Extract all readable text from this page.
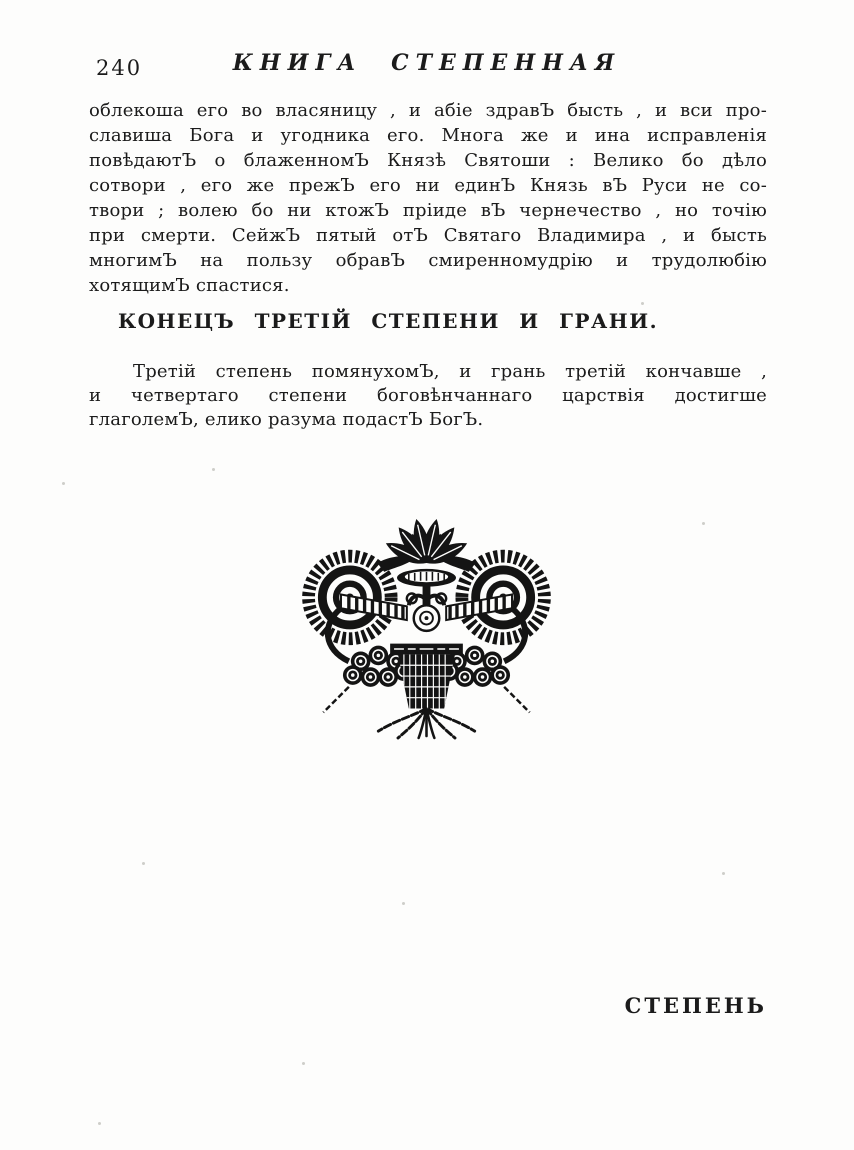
240	КНИГА СТЕПЕННАЯ
облекоша его во власяницу , и абіе здравЪ бысть , и вси про-
славиша Бога и угодника его. Многа же и ина исправленія
повѣдаютЪ о блаженномЪ Князѣ Святоши : Велико бо дѣло
сотвори , его же прежЪ его ни единЪ Князь вЪ Руси не со-
твори ; волею бо ни ктожЪ пріиде вЪ чернечество , но точію
при смерти. СейжЪ пятый отЪ Святаго Владимира , и бысть
многимЪ на пользу обравЪ смиренномудрію и трудолюбію
хотящимЪ спастися.
КОНЕЦЪ ТРЕТІЙ СТЕПЕНИ И ГРАНИ.
Третій степень помянухомЪ, и грань третій кончавше ,
и четвертаго степени боговѣнчаннаго царствія достигше
глаголемЪ, елико разума подастЪ БогЪ.
СТЕПЕНЬ
